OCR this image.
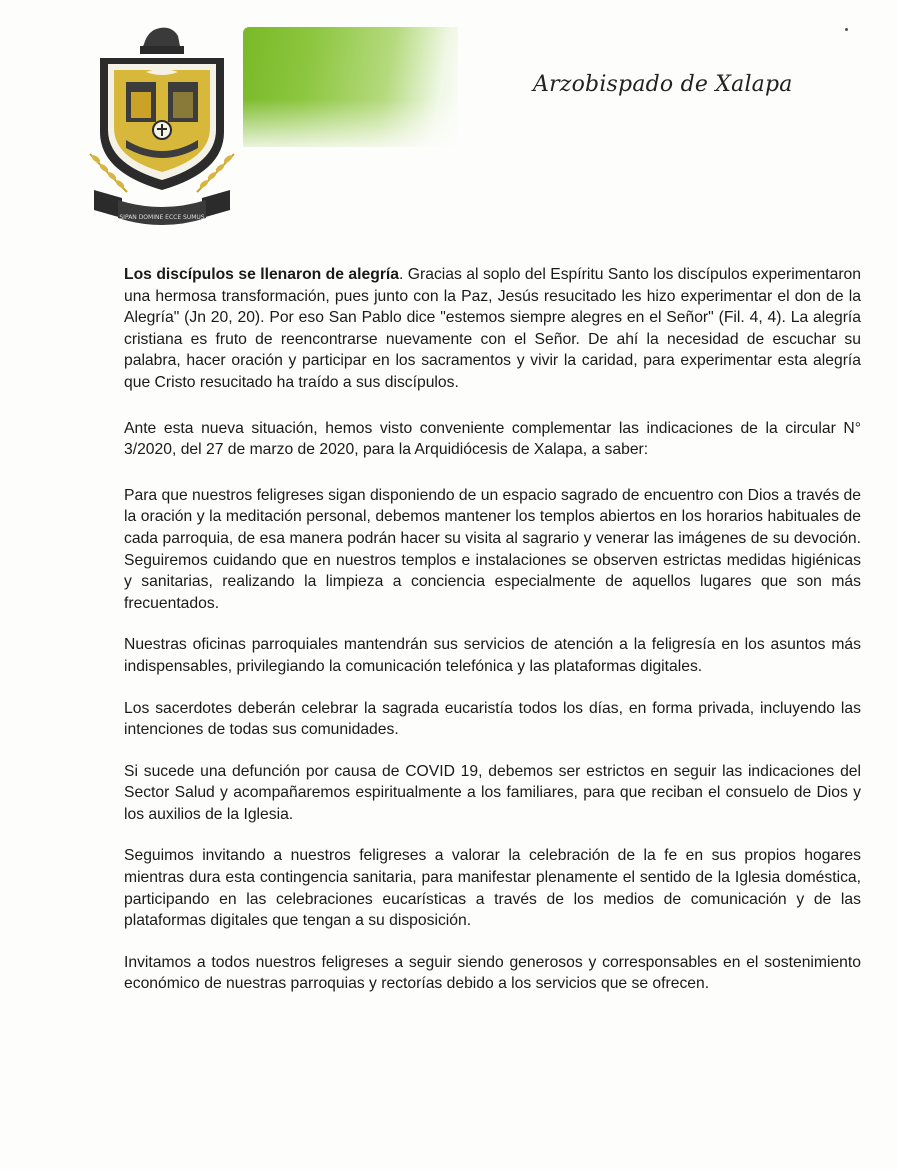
SIPAN DOMINE ECCE SUMUS
Arzobispado de Xalapa

Los discípulos se llenaron de alegría. Gracias al soplo del Espíritu Santo los discípulos experimentaron una hermosa transformación, pues junto con la Paz, Jesús resucitado les hizo experimentar el don de la Alegría" (Jn 20, 20). Por eso San Pablo dice "estemos siempre alegres en el Señor" (Fil. 4, 4). La alegría cristiana es fruto de reencontrarse nuevamente con el Señor. De ahí la necesidad de escuchar su palabra, hacer oración y participar en los sacramentos y vivir la caridad, para experimentar esta alegría que Cristo resucitado ha traído a sus discípulos.

Ante esta nueva situación, hemos visto conveniente complementar las indicaciones de la circular N° 3/2020, del 27 de marzo de 2020, para la Arquidiócesis de Xalapa, a saber:

Para que nuestros feligreses sigan disponiendo de un espacio sagrado de encuentro con Dios a través de la oración y la meditación personal, debemos mantener los templos abiertos en los horarios habituales de cada parroquia, de esa manera podrán hacer su visita al sagrario y venerar las imágenes de su devoción. Seguiremos cuidando que en nuestros templos e instalaciones se observen estrictas medidas higiénicas y sanitarias, realizando la limpieza a conciencia especialmente de aquellos lugares que son más frecuentados.

Nuestras oficinas parroquiales mantendrán sus servicios de atención a la feligresía en los asuntos más indispensables, privilegiando la comunicación telefónica y las plataformas digitales.

Los sacerdotes deberán celebrar la sagrada eucaristía todos los días, en forma privada, incluyendo las intenciones de todas sus comunidades.

Si sucede una defunción por causa de COVID 19, debemos ser estrictos en seguir las indicaciones del Sector Salud y acompañaremos espiritualmente a los familiares, para que reciban el consuelo de Dios y los auxilios de la Iglesia.

Seguimos invitando a nuestros feligreses a valorar la celebración de la fe en sus propios hogares mientras dura esta contingencia sanitaria, para manifestar plenamente el sentido de la Iglesia doméstica, participando en las celebraciones eucarísticas a través de los medios de comunicación y de las plataformas digitales que tengan a su disposición.

Invitamos a todos nuestros feligreses a seguir siendo generosos y corresponsables en el sostenimiento económico de nuestras parroquias y rectorías debido a los servicios que se ofrecen.
